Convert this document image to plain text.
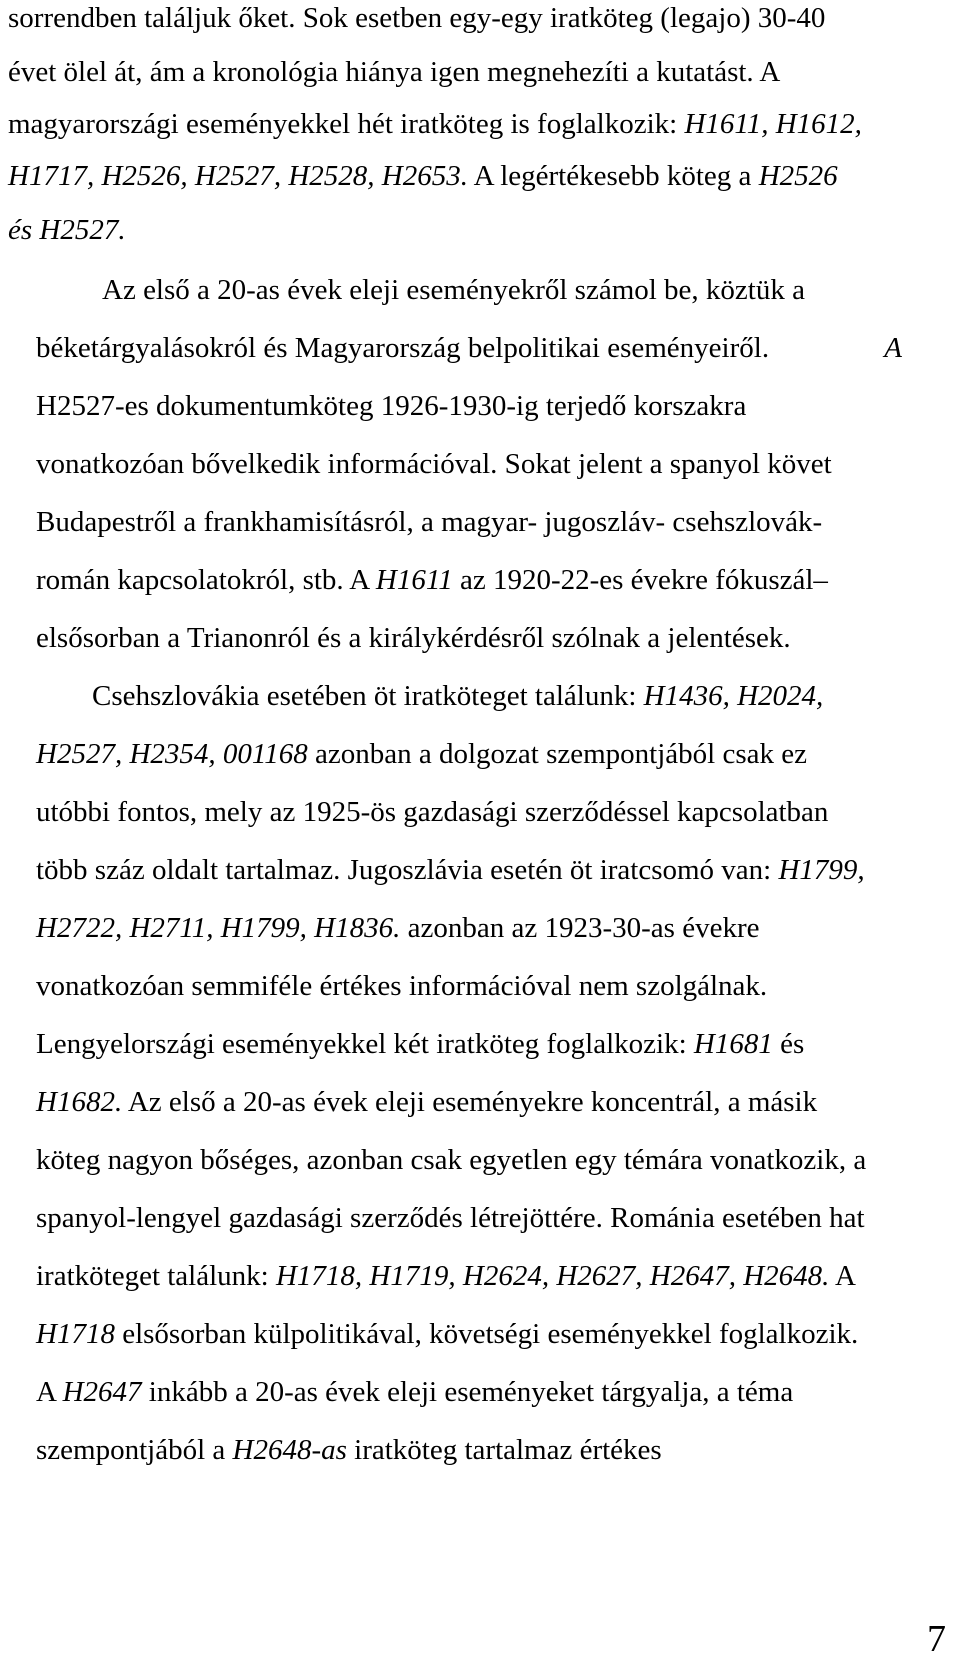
sorrendben találjuk őket. Sok esetben egy-egy iratköteg (legajo) 30-40
évet ölel át, ám a kronológia hiánya igen megnehezíti a kutatást. A
magyarországi eseményekkel hét iratköteg is foglalkozik: H1611, H1612,
H1717, H2526, H2527, H2528, H2653. A legértékesebb köteg a H2526
és H2527.
Az első a 20-as évek eleji eseményekről számol be, köztük a
béketárgyalásokról és Magyarország belpolitikai eseményeiről.	A
H2527-es dokumentumköteg 1926-1930-ig terjedő korszakra
vonatkozóan bővelkedik információval. Sokat jelent a spanyol követ
Budapestről a frankhamisításról, a magyar- jugoszláv- csehszlovák-
román kapcsolatokról, stb. A H1611 az 1920-22-es évekre fókuszál–
elsősorban a Trianonról és a királykérdésről szólnak a jelentések.
Csehszlovákia esetében öt iratköteget találunk: H1436, H2024,
H2527, H2354, 001168 azonban a dolgozat szempontjából csak ez
utóbbi fontos, mely az 1925-ös gazdasági szerződéssel kapcsolatban
több száz oldalt tartalmaz. Jugoszlávia esetén öt iratcsomó van: H1799,
H2722, H2711, H1799, H1836. azonban az 1923-30-as évekre
vonatkozóan semmiféle értékes információval nem szolgálnak.
Lengyelországi eseményekkel két iratköteg foglalkozik: H1681 és
H1682. Az első a 20-as évek eleji eseményekre koncentrál, a másik
köteg nagyon bőséges, azonban csak egyetlen egy témára vonatkozik, a
spanyol-lengyel gazdasági szerződés létrejöttére. Románia esetében hat
iratköteget találunk: H1718, H1719, H2624, H2627, H2647, H2648. A
H1718 elsősorban külpolitikával, követségi eseményekkel foglalkozik.
A H2647 inkább a 20-as évek eleji eseményeket tárgyalja, a téma
szempontjából a H2648-as iratköteg tartalmaz értékes
7
